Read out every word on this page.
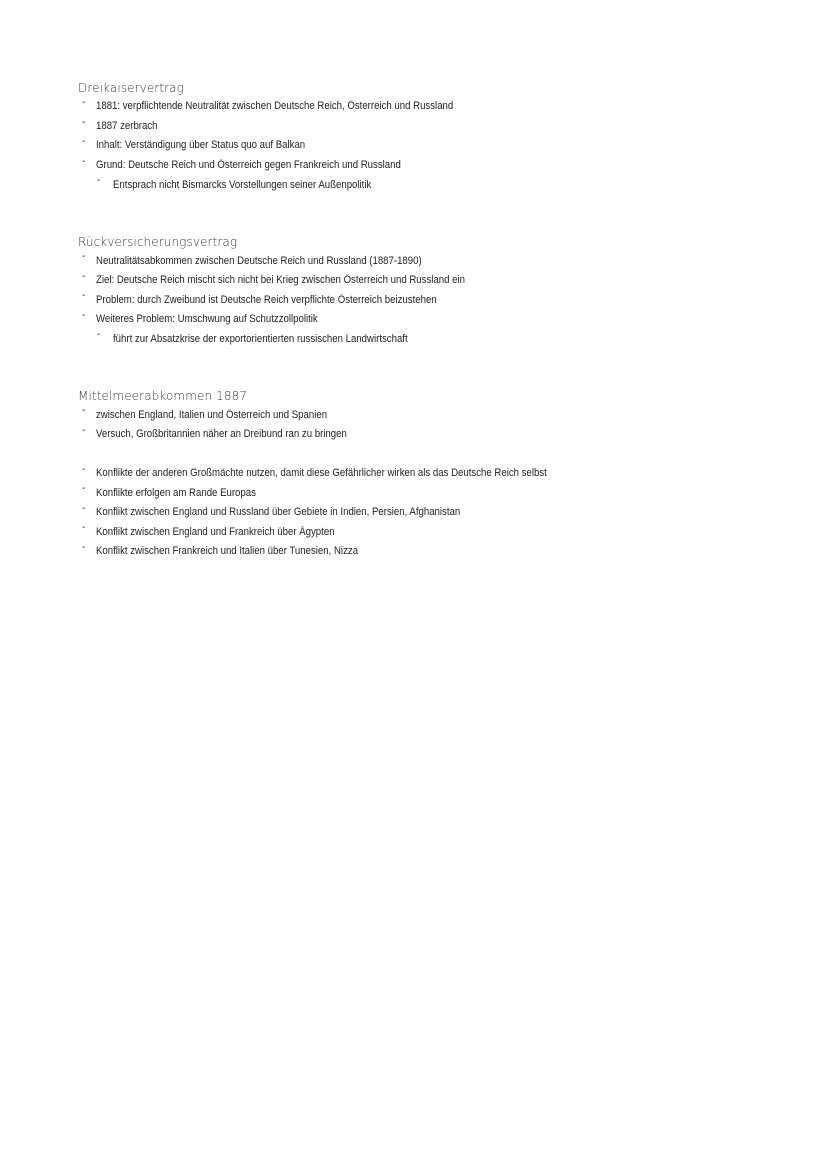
Dreikaiservertrag
- 1881: verpflichtende Neutralität zwischen Deutsche Reich, Österreich und Russland
- 1887 zerbrach
- Inhalt: Verständigung über Status quo auf Balkan
- Grund: Deutsche Reich und Österreich gegen Frankreich und Russland
- Entsprach nicht Bismarcks Vorstellungen seiner Außenpolitik
Rückversicherungsvertrag
- Neutralitätsabkommen zwischen Deutsche Reich und Russland (1887-1890)
- Ziel: Deutsche Reich mischt sich nicht bei Krieg zwischen Österreich und Russland ein
- Problem: durch Zweibund ist Deutsche Reich verpflichte Österreich beizustehen
- Weiteres Problem: Umschwung auf Schutzzollpolitik
- führt zur Absatzkrise der exportorientierten russischen Landwirtschaft
Mittelmeerabkommen 1887
- zwischen England, Italien und Österreich und Spanien
- Versuch, Großbritannien näher an Dreibund ran zu bringen
- Konflikte der anderen Großmächte nutzen, damit diese Gefährlicher wirken als das Deutsche Reich selbst
- Konflikte erfolgen am Rande Europas
- Konflikt zwischen England und Russland über Gebiete in Indien, Persien, Afghanistan
- Konflikt zwischen England und Frankreich über Ägypten
- Konflikt zwischen Frankreich und Italien über Tunesien, Nizza
